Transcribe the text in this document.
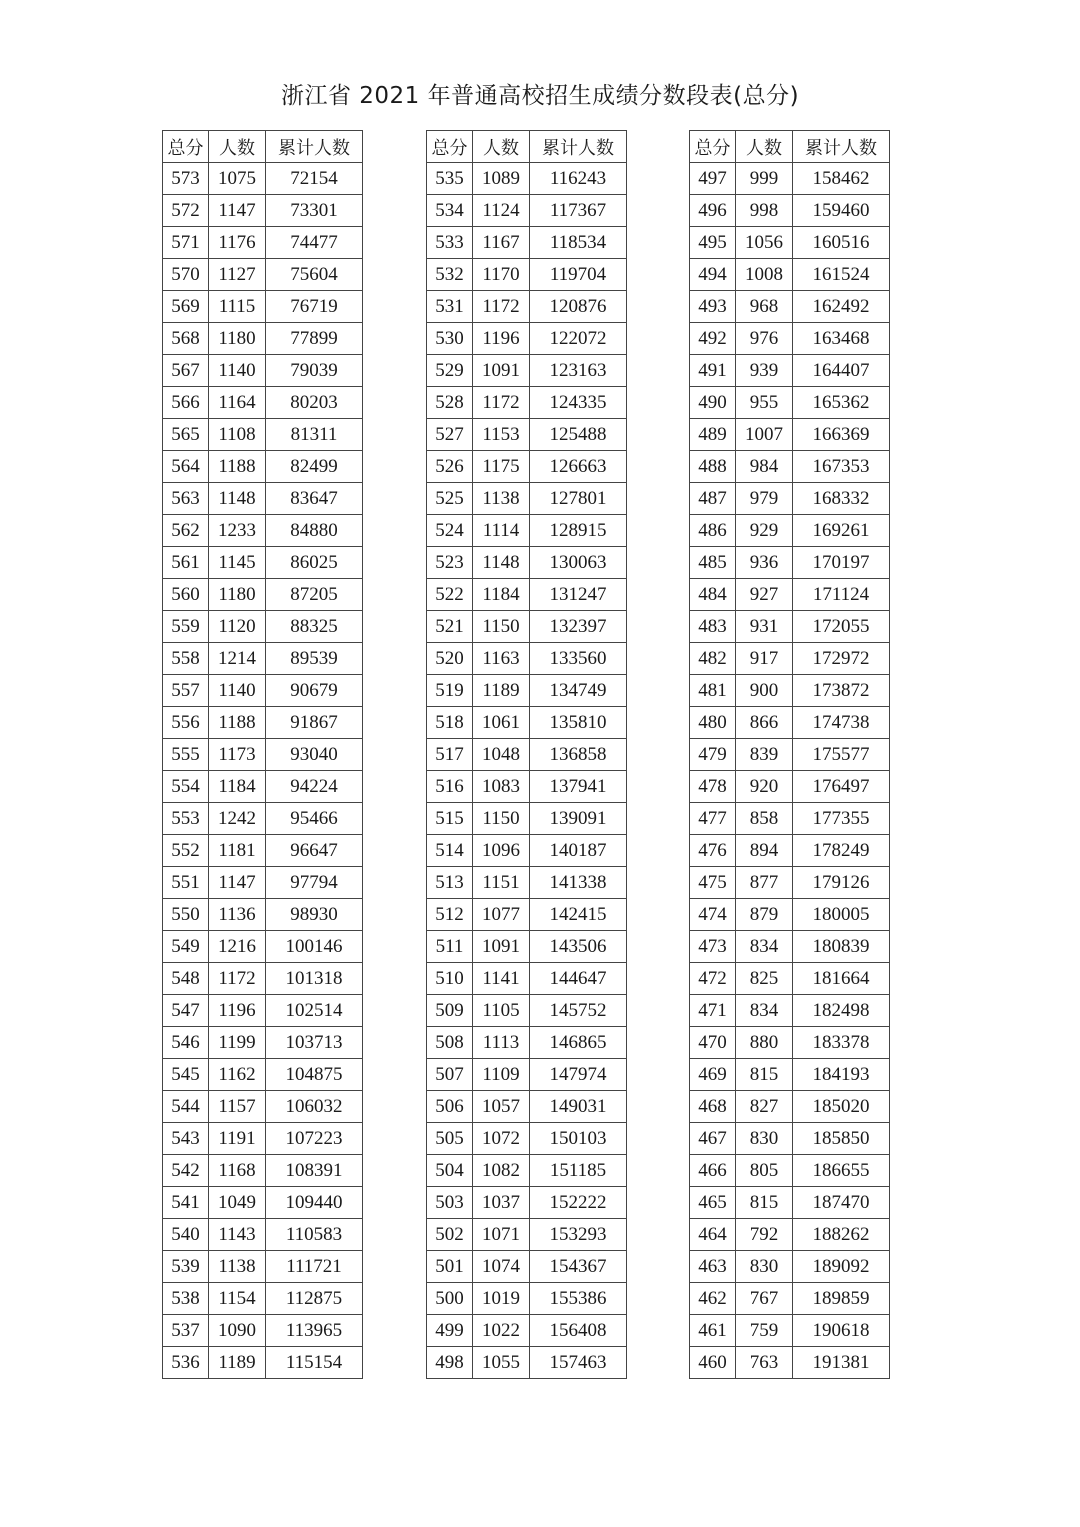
浙江省 2021 年普通高校招生成绩分数段表(总分)
总分	人数	累计人数
573	1075	72154
572	1147	73301
571	1176	74477
570	1127	75604
569	1115	76719
568	1180	77899
567	1140	79039
566	1164	80203
565	1108	81311
564	1188	82499
563	1148	83647
562	1233	84880
561	1145	86025
560	1180	87205
559	1120	88325
558	1214	89539
557	1140	90679
556	1188	91867
555	1173	93040
554	1184	94224
553	1242	95466
552	1181	96647
551	1147	97794
550	1136	98930
549	1216	100146
548	1172	101318
547	1196	102514
546	1199	103713
545	1162	104875
544	1157	106032
543	1191	107223
542	1168	108391
541	1049	109440
540	1143	110583
539	1138	111721
538	1154	112875
537	1090	113965
536	1189	115154
总分	人数	累计人数
535	1089	116243
534	1124	117367
533	1167	118534
532	1170	119704
531	1172	120876
530	1196	122072
529	1091	123163
528	1172	124335
527	1153	125488
526	1175	126663
525	1138	127801
524	1114	128915
523	1148	130063
522	1184	131247
521	1150	132397
520	1163	133560
519	1189	134749
518	1061	135810
517	1048	136858
516	1083	137941
515	1150	139091
514	1096	140187
513	1151	141338
512	1077	142415
511	1091	143506
510	1141	144647
509	1105	145752
508	1113	146865
507	1109	147974
506	1057	149031
505	1072	150103
504	1082	151185
503	1037	152222
502	1071	153293
501	1074	154367
500	1019	155386
499	1022	156408
498	1055	157463
总分	人数	累计人数
497	999	158462
496	998	159460
495	1056	160516
494	1008	161524
493	968	162492
492	976	163468
491	939	164407
490	955	165362
489	1007	166369
488	984	167353
487	979	168332
486	929	169261
485	936	170197
484	927	171124
483	931	172055
482	917	172972
481	900	173872
480	866	174738
479	839	175577
478	920	176497
477	858	177355
476	894	178249
475	877	179126
474	879	180005
473	834	180839
472	825	181664
471	834	182498
470	880	183378
469	815	184193
468	827	185020
467	830	185850
466	805	186655
465	815	187470
464	792	188262
463	830	189092
462	767	189859
461	759	190618
460	763	191381
